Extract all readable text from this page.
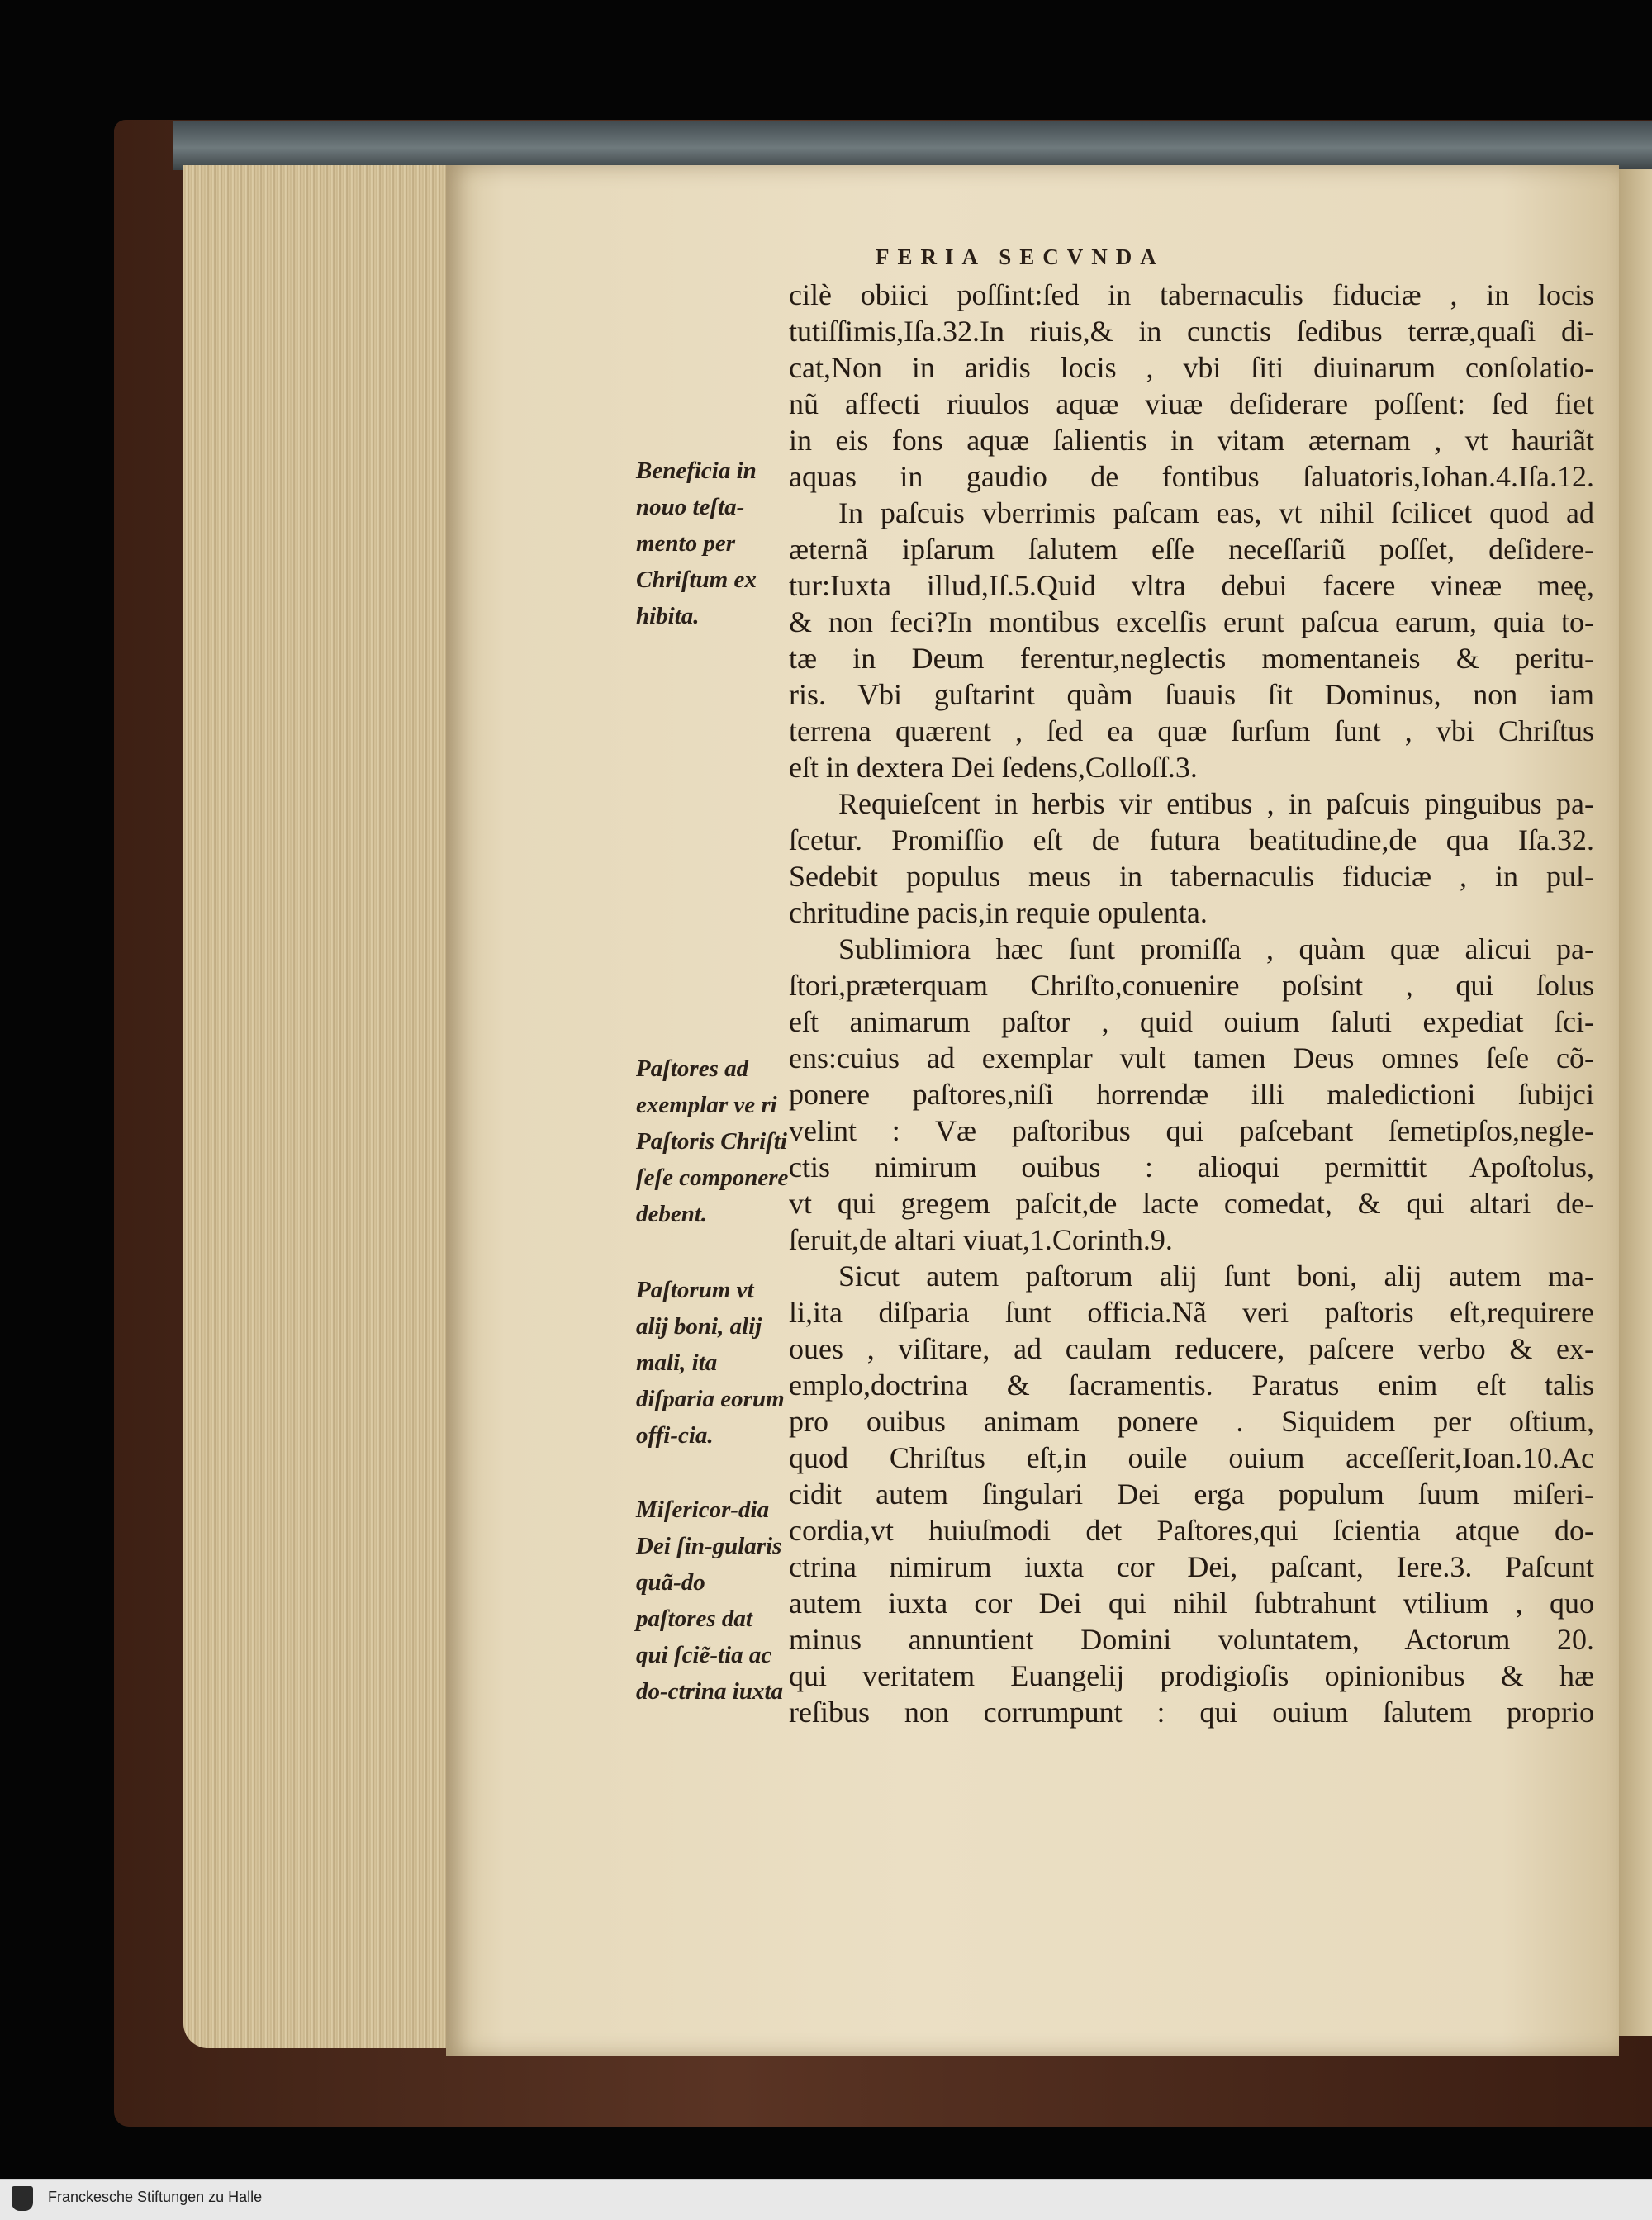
FERIA SECVNDA
Beneficia in nouo teſta-mento per Chriſtum ex hibita.
Paſtores ad exemplar ve ri Paſtoris Chriſti ſeſe componere debent.
Paſtorum vt alij boni, alij mali, ita diſparia eorum offi-cia.
Miſericor-dia Dei ſin-gularis quã-do paſtores dat qui ſciẽ-tia ac do-ctrina iuxta
cilè obiici poſſint:ſed in tabernaculis fiduciæ , in locis
tutiſſimis,Iſa.32.In riuis,& in cunctis ſedibus terræ,quaſi di-
cat,Non in aridis locis , vbi ſiti diuinarum conſolatio-
nũ affecti riuulos aquæ viuæ deſiderare poſſent: ſed fiet
in eis fons aquæ ſalientis in vitam æternam , vt hauriãt
aquas in gaudio de fontibus ſaluatoris,Iohan.4.Iſa.12.
In paſcuis vberrimis paſcam eas, vt nihil ſcilicet quod ad
æternã ipſarum ſalutem eſſe neceſſariũ poſſet, deſidere-
tur:Iuxta illud,Iſ.5.Quid vltra debui facere vineæ meę,
& non feci?In montibus excelſis erunt paſcua earum, quia to-
tæ in Deum ferentur,neglectis momentaneis & peritu-
ris. Vbi guſtarint quàm ſuauis ſit Dominus, non iam
terrena quærent , ſed ea quæ ſurſum ſunt , vbi Chriſtus
eſt in dextera Dei ſedens,Colloſſ.3.
Requieſcent in herbis vir entibus , in paſcuis pinguibus pa-
ſcetur. Promiſſio eſt de futura beatitudine,de qua Iſa.32.
Sedebit populus meus in tabernaculis fiduciæ , in pul-
chritudine pacis,in requie opulenta.
Sublimiora hæc ſunt promiſſa , quàm quæ alicui pa-
ſtori,præterquam Chriſto,conuenire poſsint , qui ſolus
eſt animarum paſtor , quid ouium ſaluti expediat ſci-
ens:cuius ad exemplar vult tamen Deus omnes ſeſe cõ-
ponere paſtores,niſi horrendæ illi maledictioni ſubijci
velint : Væ paſtoribus qui paſcebant ſemetipſos,negle-
ctis nimirum ouibus : alioqui permittit Apoſtolus,
vt qui gregem paſcit,de lacte comedat, & qui altari de-
ſeruit,de altari viuat,1.Corinth.9.
Sicut autem paſtorum alij ſunt boni, alij autem ma-
li,ita diſparia ſunt officia.Nã veri paſtoris eſt,requirere
oues , viſitare, ad caulam reducere, paſcere verbo & ex-
emplo,doctrina & ſacramentis. Paratus enim eſt talis
pro ouibus animam ponere . Siquidem per oſtium,
quod Chriſtus eſt,in ouile ouium acceſſerit,Ioan.10.Ac
cidit autem ſingulari Dei erga populum ſuum miſeri-
cordia,vt huiuſmodi det Paſtores,qui ſcientia atque do-
ctrina nimirum iuxta cor Dei, paſcant, Iere.3. Paſcunt
autem iuxta cor Dei qui nihil ſubtrahunt vtilium , quo
minus annuntient Domini voluntatem, Actorum 20.
qui veritatem Euangelij prodigioſis opinionibus & hæ
reſibus non corrumpunt : qui ouium ſalutem proprio
Franckesche Stiftungen zu Halle
